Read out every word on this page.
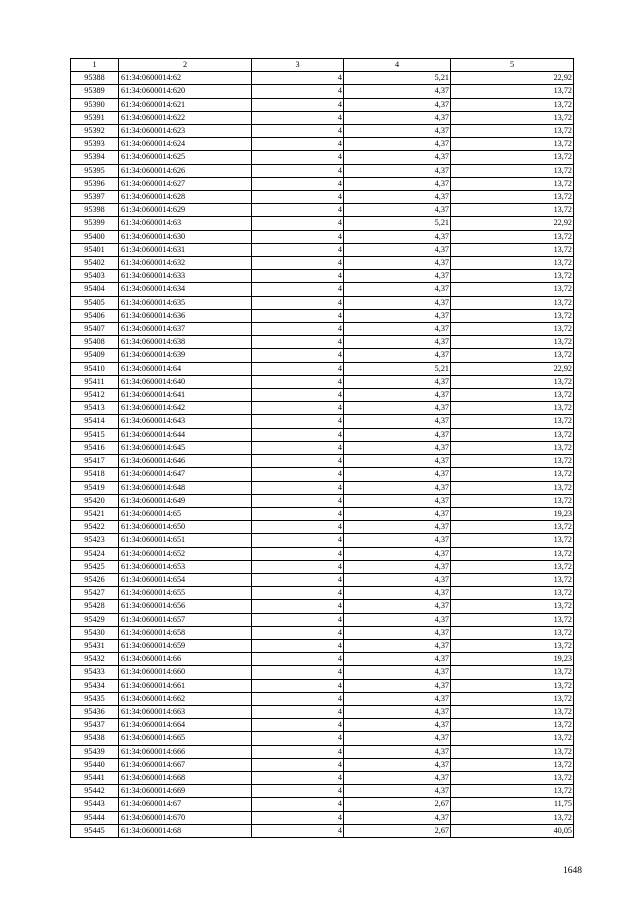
1	2	3	4	5
95388	61:34:0600014:62	4	5,21	22,92
95389	61:34:0600014:620	4	4,37	13,72
95390	61:34:0600014:621	4	4,37	13,72
95391	61:34:0600014:622	4	4,37	13,72
95392	61:34:0600014:623	4	4,37	13,72
95393	61:34:0600014:624	4	4,37	13,72
95394	61:34:0600014:625	4	4,37	13,72
95395	61:34:0600014:626	4	4,37	13,72
95396	61:34:0600014:627	4	4,37	13,72
95397	61:34:0600014:628	4	4,37	13,72
95398	61:34:0600014:629	4	4,37	13,72
95399	61:34:0600014:63	4	5,21	22,92
95400	61:34:0600014:630	4	4,37	13,72
95401	61:34:0600014:631	4	4,37	13,72
95402	61:34:0600014:632	4	4,37	13,72
95403	61:34:0600014:633	4	4,37	13,72
95404	61:34:0600014:634	4	4,37	13,72
95405	61:34:0600014:635	4	4,37	13,72
95406	61:34:0600014:636	4	4,37	13,72
95407	61:34:0600014:637	4	4,37	13,72
95408	61:34:0600014:638	4	4,37	13,72
95409	61:34:0600014:639	4	4,37	13,72
95410	61:34:0600014:64	4	5,21	22,92
95411	61:34:0600014:640	4	4,37	13,72
95412	61:34:0600014:641	4	4,37	13,72
95413	61:34:0600014:642	4	4,37	13,72
95414	61:34:0600014:643	4	4,37	13,72
95415	61:34:0600014:644	4	4,37	13,72
95416	61:34:0600014:645	4	4,37	13,72
95417	61:34:0600014:646	4	4,37	13,72
95418	61:34:0600014:647	4	4,37	13,72
95419	61:34:0600014:648	4	4,37	13,72
95420	61:34:0600014:649	4	4,37	13,72
95421	61:34:0600014:65	4	4,37	19,23
95422	61:34:0600014:650	4	4,37	13,72
95423	61:34:0600014:651	4	4,37	13,72
95424	61:34:0600014:652	4	4,37	13,72
95425	61:34:0600014:653	4	4,37	13,72
95426	61:34:0600014:654	4	4,37	13,72
95427	61:34:0600014:655	4	4,37	13,72
95428	61:34:0600014:656	4	4,37	13,72
95429	61:34:0600014:657	4	4,37	13,72
95430	61:34:0600014:658	4	4,37	13,72
95431	61:34:0600014:659	4	4,37	13,72
95432	61:34:0600014:66	4	4,37	19,23
95433	61:34:0600014:660	4	4,37	13,72
95434	61:34:0600014:661	4	4,37	13,72
95435	61:34:0600014:662	4	4,37	13,72
95436	61:34:0600014:663	4	4,37	13,72
95437	61:34:0600014:664	4	4,37	13,72
95438	61:34:0600014:665	4	4,37	13,72
95439	61:34:0600014:666	4	4,37	13,72
95440	61:34:0600014:667	4	4,37	13,72
95441	61:34:0600014:668	4	4,37	13,72
95442	61:34:0600014:669	4	4,37	13,72
95443	61:34:0600014:67	4	2,67	11,75
95444	61:34:0600014:670	4	4,37	13,72
95445	61:34:0600014:68	4	2,67	40,05
1648
